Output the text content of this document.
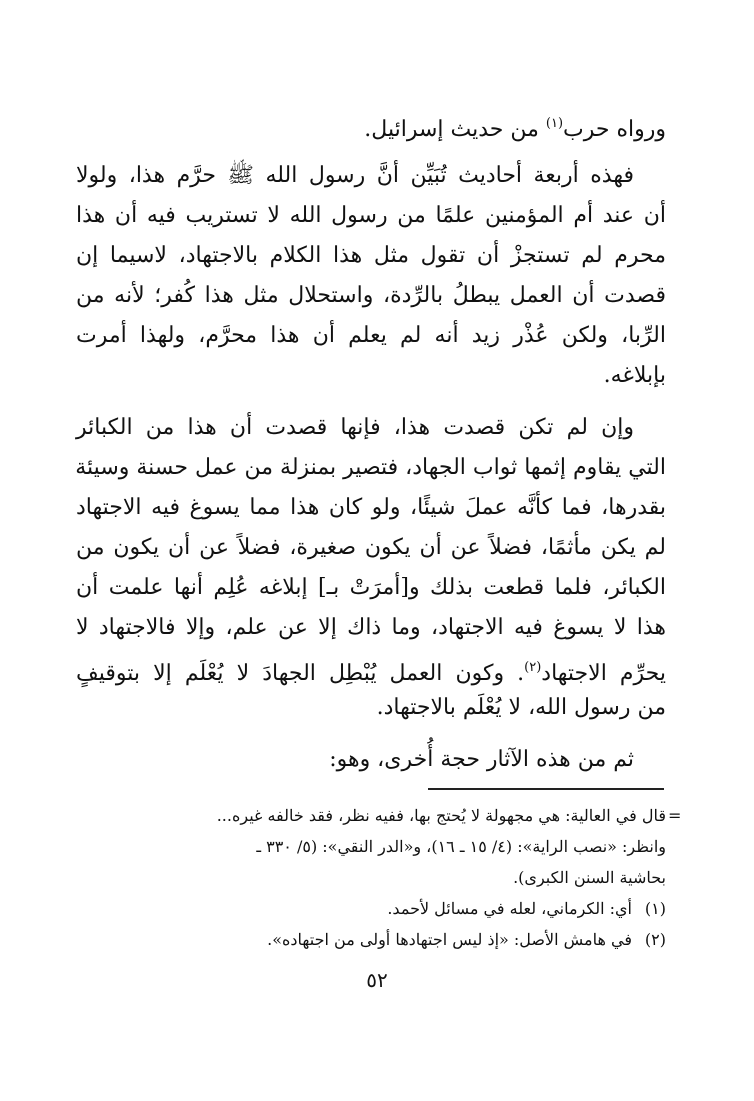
ورواه حرب$^{(١)}$ من حديث إسرائيل.
فهذه أربعة أحاديث تُبَيِّن أنَّ رسول الله ﷺ حرَّم هذا، ولولا
أن عند أم المؤمنين علمًا من رسول الله لا تستريب فيه أن هذا
محرم لم تستجزْ أن تقول مثل هذا الكلام بالاجتهاد، لاسيما إن
قصدت أن العمل يبطلُ بالرِّدة، واستحلال مثل هذا كُفر؛ لأنه من
الرِّبا، ولكن عُذْر زيد أنه لم يعلم أن هذا محرَّم، ولهذا أمرت
بإبلاغه.
وإن لم تكن قصدت هذا، فإنها قصدت أن هذا من الكبائر
التي يقاوم إثمها ثواب الجهاد، فتصير بمنزلة من عمل حسنة وسيئة
بقدرها، فما كأنَّه عملَ شيئًا، ولو كان هذا مما يسوغ فيه الاجتهاد
لم يكن مأثمًا، فضلاً عن أن يكون صغيرة، فضلاً عن أن يكون من
الكبائر، فلما قطعت بذلك و[أمرَتْ بـ] إبلاغه عُلِم أنها علمت أن
هذا لا يسوغ فيه الاجتهاد، وما ذاك إلا عن علم، وإلا فالاجتهاد لا
يحرِّم الاجتهاد$^{(٢)}$. وكون العمل يُبْطِل الجهادَ لا يُعْلَم إلا بتوقيفٍ
من رسول الله، لا يُعْلَم بالاجتهاد.
ثم من هذه الآثار حجة أُخرى، وهو:
=
قال في العالية: هي مجهولة لا يُحتج بها، ففيه نظر، فقد خالفه غيره...
وانظر: «نصب الراية»: (٤/ ١٥ ـ ١٦)، و«الدر النقي»: (٥/ ٣٣٠ ـ
بحاشية السنن الكبرى).
(١)أي: الكرماني، لعله في مسائل لأحمد.
(٢)في هامش الأصل: «إذ ليس اجتهادها أولى من اجتهاده».
٥٢
